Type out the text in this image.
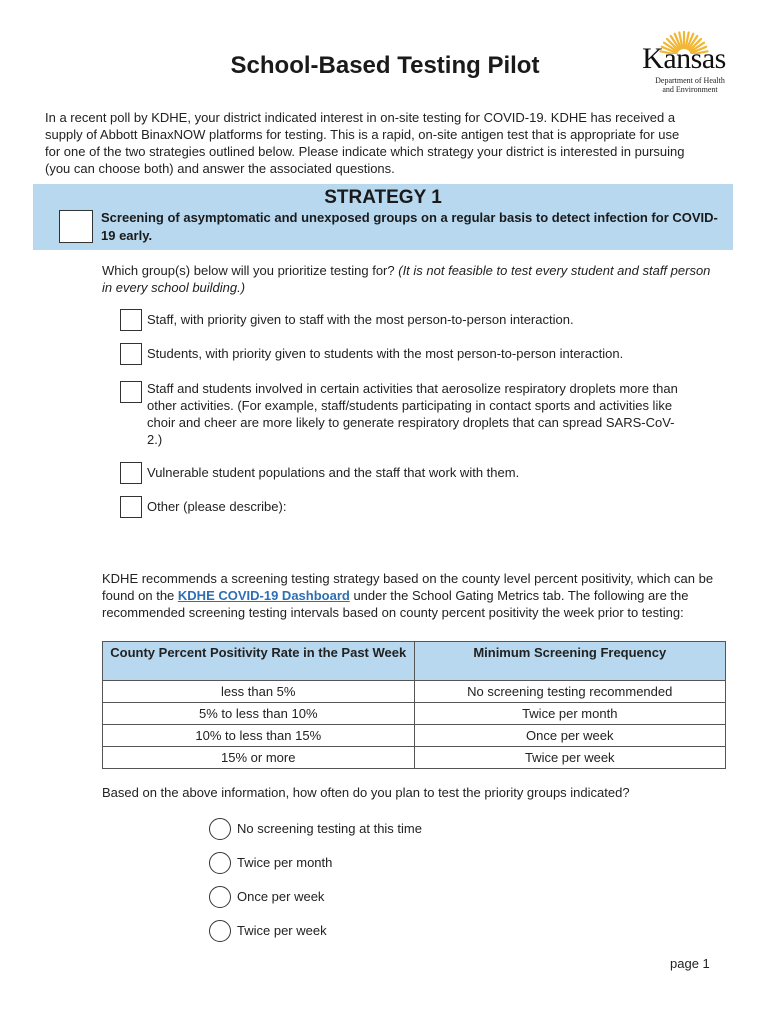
School-Based Testing Pilot	Kansas
Department of Health
and Environment
In a recent poll by KDHE, your district indicated interest in on-site testing for COVID-19. KDHE has received a supply of Abbott BinaxNOW platforms for testing. This is a rapid, on-site antigen test that is appropriate for use for one of the two strategies outlined below. Please indicate which strategy your district is interested in pursuing (you can choose both) and answer the associated questions.
STRATEGY 1
Screening of asymptomatic and unexposed groups on a regular basis to detect infection for COVID-19 early.
Which group(s) below will you prioritize testing for? (It is not feasible to test every student and staff person in every school building.)
Staff, with priority given to staff with the most person-to-person interaction.
Students, with priority given to students with the most person-to-person interaction.
Staff and students involved in certain activities that aerosolize respiratory droplets more than other activities. (For example, staff/students participating in contact sports and activities like choir and cheer are more likely to generate respiratory droplets that can spread SARS-CoV-2.)
Vulnerable student populations and the staff that work with them.
Other (please describe):
KDHE recommends a screening testing strategy based on the county level percent positivity, which can be found on the KDHE COVID-19 Dashboard under the School Gating Metrics tab. The following are the recommended screening testing intervals based on county percent positivity the week prior to testing:
County Percent Positivity Rate in the Past Week	Minimum Screening Frequency
less than 5%	No screening testing recommended
5% to less than 10%	Twice per month
10% to less than 15%	Once per week
15% or more	Twice per week
Based on the above information, how often do you plan to test the priority groups indicated?
No screening testing at this time
Twice per month
Once per week
Twice per week
page 1
